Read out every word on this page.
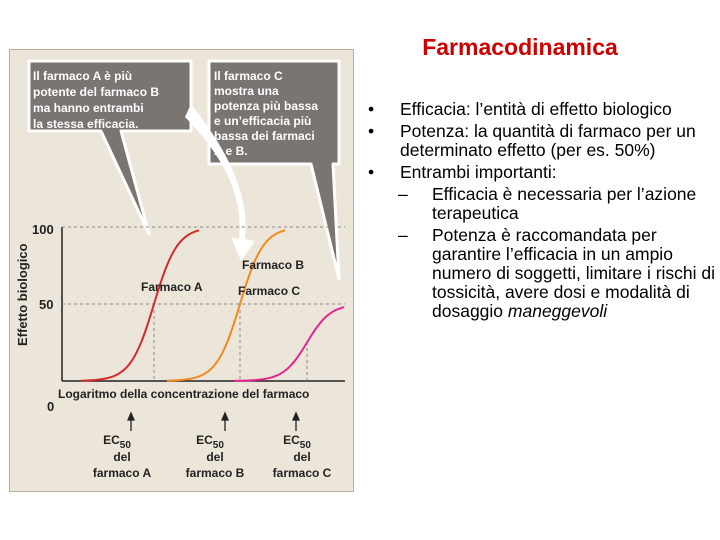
Farmacodinamica
• Efficacia: l’entità di effetto biologico
• Potenza: la quantità di farmaco per un determinato effetto (per es. 50%)
• Entrambi importanti:
– Efficacia è necessaria per l’azione terapeutica
– Potenza è raccomandata per garantire l’efficacia in un ampio numero di soggetti, limitare i rischi di tossicità, avere dosi e modalità di dosaggio maneggevoli
Il farmaco A è più
potente del farmaco B
ma hanno entrambi
la stessa efficacia.
Il farmaco C
mostra una
potenza più bassa
e un’efficacia più
bassa dei farmaci
A e B.
Effetto biologico
100
50
0
Logaritmo della concentrazione del farmaco
Farmaco A
Farmaco B
Farmaco C
$EC_{50}$
del
farmaco A
$EC_{50}$
del
farmaco B
$EC_{50}$
del
farmaco C
